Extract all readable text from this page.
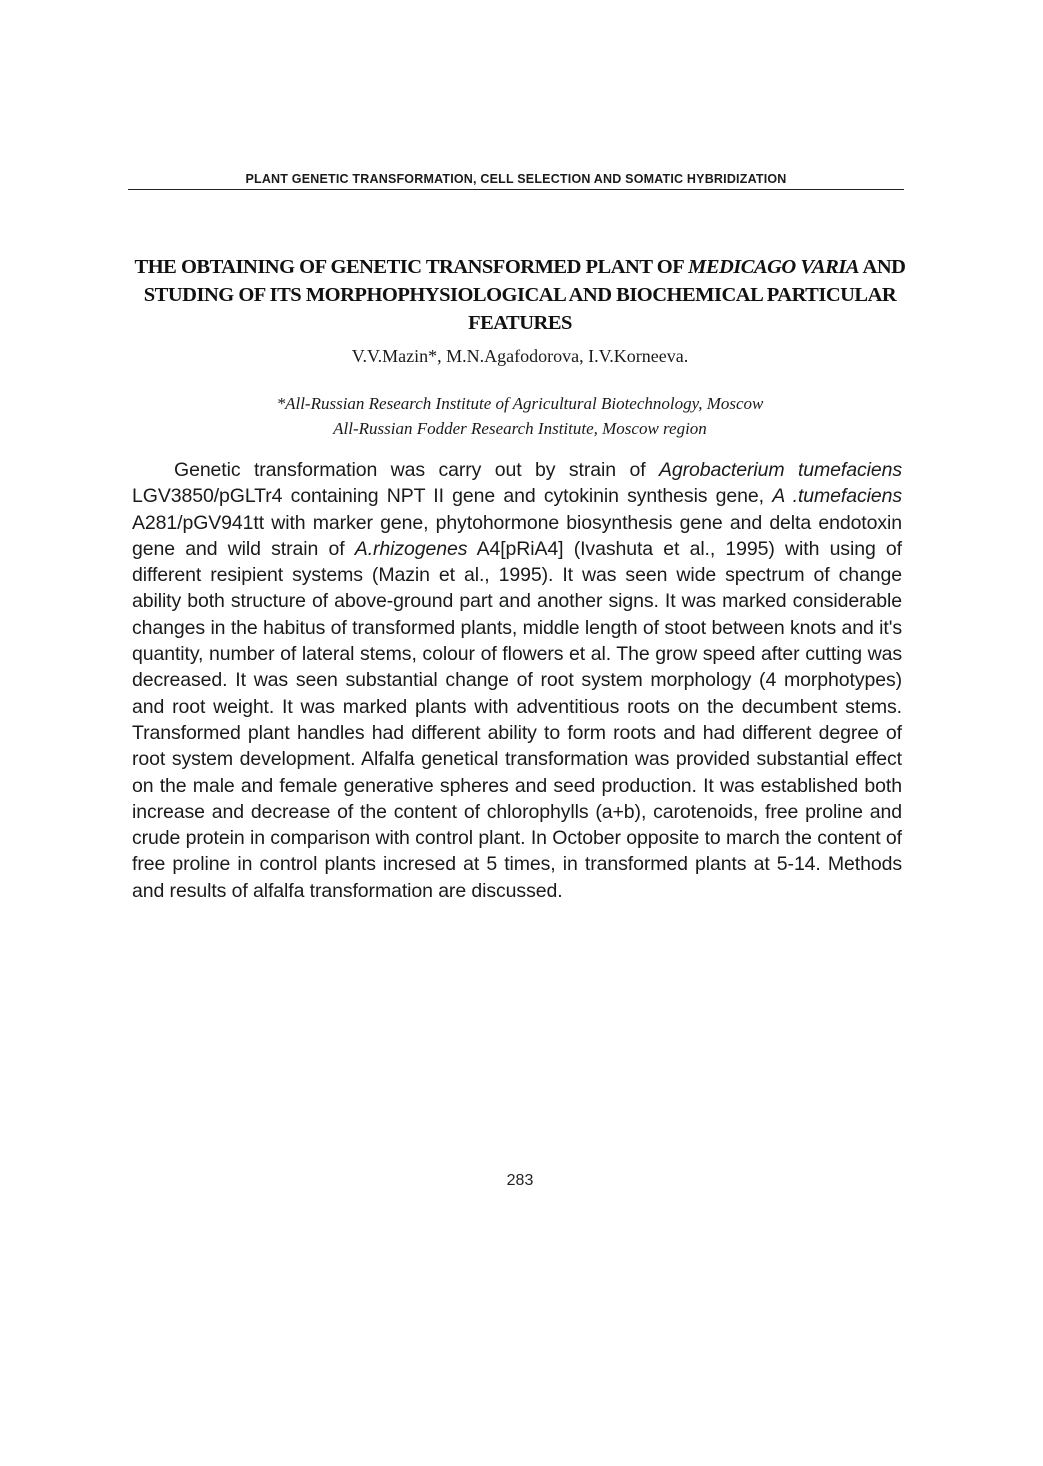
PLANT GENETIC TRANSFORMATION, CELL SELECTION AND SOMATIC HYBRIDIZATION
THE OBTAINING OF GENETIC TRANSFORMED PLANT OF MEDICAGO VARIA AND STUDING OF ITS MORPHOPHYSIOLOGICAL AND BIOCHEMICAL PARTICULAR FEATURES
V.V.Mazin*, M.N.Agafodorova, I.V.Korneeva.
*All-Russian Research Institute of Agricultural Biotechnology, Moscow
All-Russian Fodder Research Institute, Moscow region

Genetic transformation was carry out by strain of Agrobacterium tumefaciens LGV3850/pGLTr4 containing NPT II gene and cytokinin synthesis gene, A .tumefaciens A281/pGV941tt with marker gene, phytohormone biosynthesis gene and delta endotoxin gene and wild strain of A.rhizogenes A4[pRiA4] (Ivashuta et al., 1995) with using of different resipient systems (Mazin et al., 1995). It was seen wide spectrum of change ability both structure of above-ground part and another signs. It was marked considerable changes in the habitus of transformed plants, middle length of stoot between knots and it's quantity, number of lateral stems, colour of flowers et al. The grow speed after cutting was decreased. It was seen substantial change of root system morphology (4 morphotypes) and root weight. It was marked plants with adventitious roots on the decumbent stems. Transformed plant handles had different ability to form roots and had different degree of root system development. Alfalfa genetical transformation was provided substantial effect on the male and female generative spheres and seed production. It was established both increase and decrease of the content of chlorophylls (a+b), carotenoids, free proline and crude protein in comparison with control plant. In October opposite to march the content of free proline in control plants incresed at 5 times, in transformed plants at 5-14. Methods and results of alfalfa transformation are discussed.

283
